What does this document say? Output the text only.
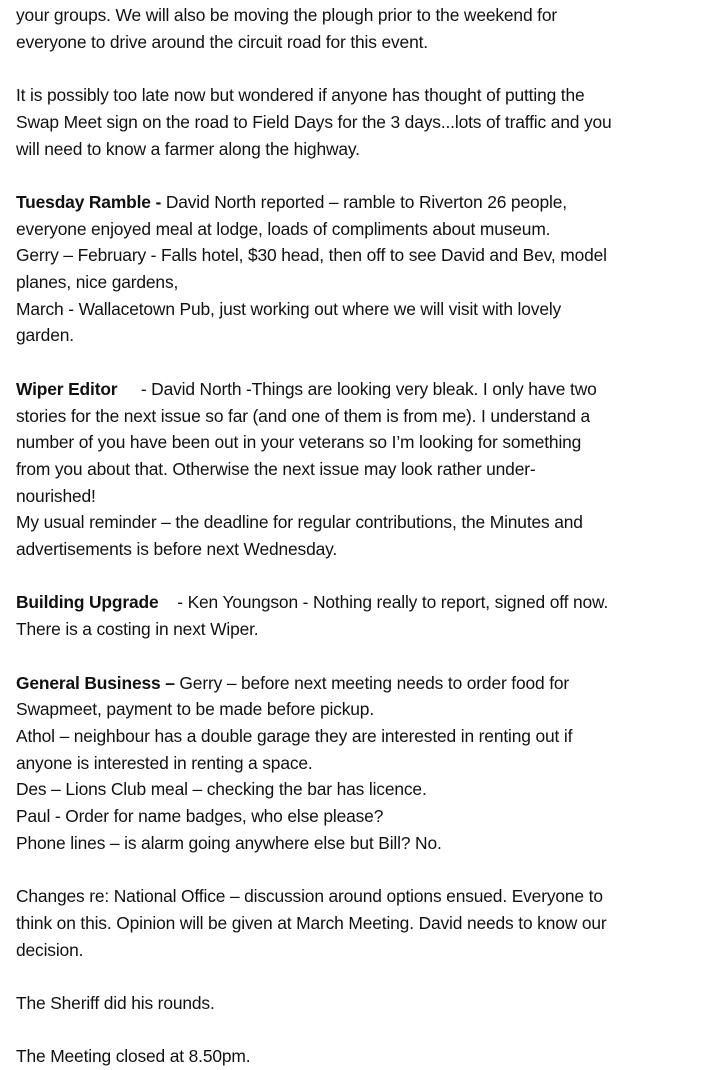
your groups. We will also be moving the plough prior to the weekend for
everyone to drive around the circuit road for this event.

It is possibly too late now but wondered if anyone has thought of putting the
Swap Meet sign on the road to Field Days for the 3 days...lots of traffic and you
will need to know a farmer along the highway.

Tuesday Ramble - David North reported – ramble to Riverton 26 people,
everyone enjoyed meal at lodge, loads of compliments about museum.
Gerry – February - Falls hotel, $30 head, then off to see David and Bev, model
planes, nice gardens,
March - Wallacetown Pub, just working out where we will visit with lovely
garden.

Wiper Editor     - David North -Things are looking very bleak. I only have two
stories for the next issue so far (and one of them is from me). I understand a
number of you have been out in your veterans so I’m looking for something
from you about that. Otherwise the next issue may look rather under-
nourished!
My usual reminder – the deadline for regular contributions, the Minutes and
advertisements is before next Wednesday.

Building Upgrade    - Ken Youngson - Nothing really to report, signed off now.
There is a costing in next Wiper.

General Business – Gerry – before next meeting needs to order food for
Swapmeet, payment to be made before pickup.
Athol – neighbour has a double garage they are interested in renting out if
anyone is interested in renting a space.
Des – Lions Club meal – checking the bar has licence.
Paul - Order for name badges, who else please?
Phone lines – is alarm going anywhere else but Bill? No.

Changes re: National Office – discussion around options ensued. Everyone to
think on this. Opinion will be given at March Meeting. David needs to know our
decision.

The Sheriff did his rounds.

The Meeting closed at 8.50pm.
